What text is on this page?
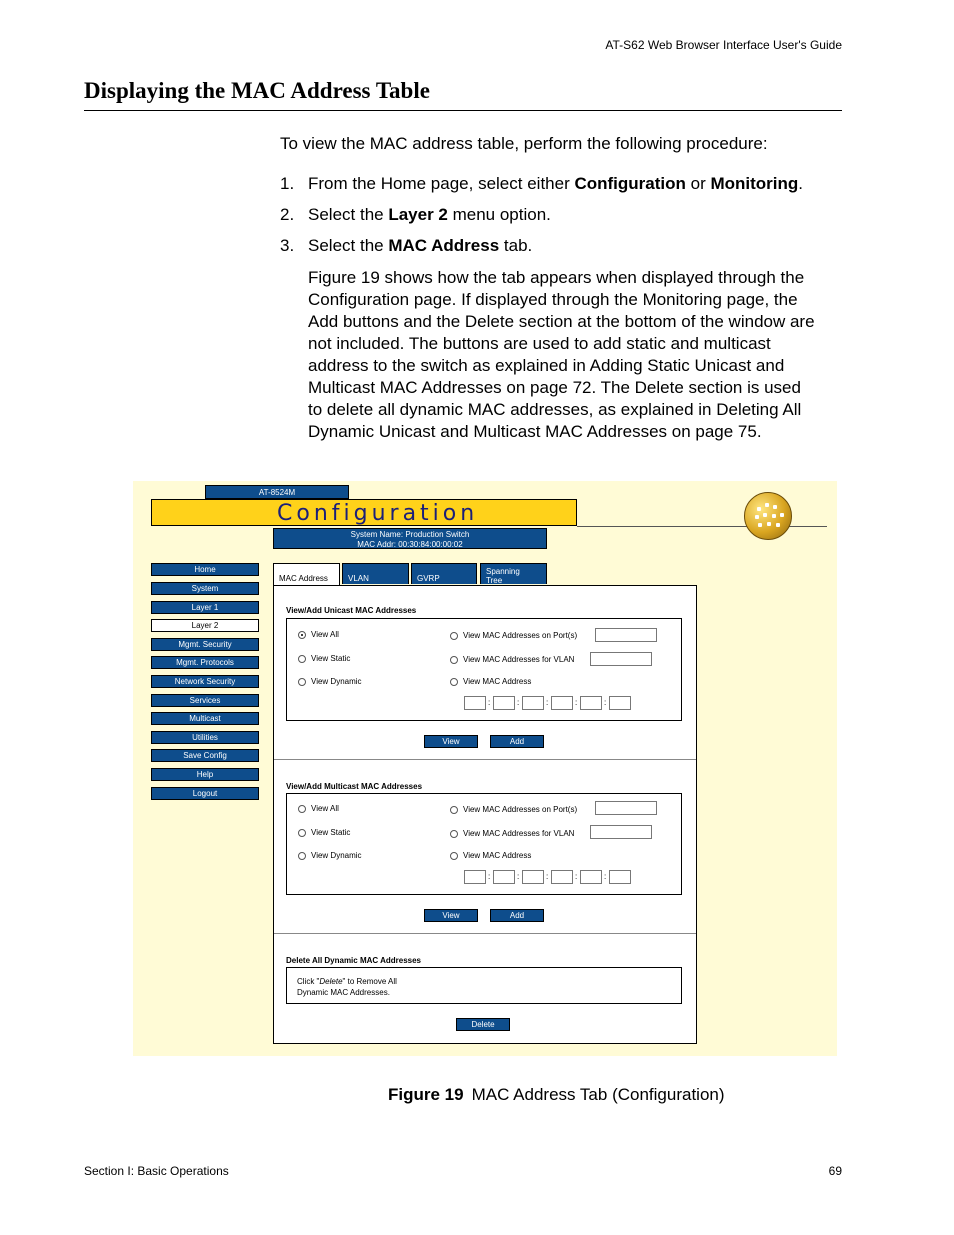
AT-S62 Web Browser Interface User's Guide
Displaying the MAC Address Table

To view the MAC address table, perform the following procedure:

1. From the Home page, select either Configuration or Monitoring.
2. Select the Layer 2 menu option.
3. Select the MAC Address tab.

Figure 19 shows how the tab appears when displayed through the Configuration page. If displayed through the Monitoring page, the Add buttons and the Delete section at the bottom of the window are not included. The buttons are used to add static and multicast address to the switch as explained in Adding Static Unicast and Multicast MAC Addresses on page 72. The Delete section is used to delete all dynamic MAC addresses, as explained in Deleting All Dynamic Unicast and Multicast MAC Addresses on page 75.

AT-8524M
Configuration
System Name: Production Switch
MAC Addr: 00:30:84:00:00:02
Home
System
Layer 1
Layer 2
Mgmt. Security
Mgmt. Protocols
Network Security
Services
Multicast
Utilities
Save Config
Help
Logout
MAC Address	VLAN	GVRP
Spanning
Tree
View/Add Unicast MAC Addresses
View All
View Static
View Dynamic
View MAC Addresses on Port(s)
View MAC Addresses for VLAN
View MAC Address
:	:	:	:	:
View	Add
View/Add Multicast MAC Addresses
View All
View Static
View Dynamic
View MAC Addresses on Port(s)
View MAC Addresses for VLAN
View MAC Address
:	:	:	:	:
View	Add
Delete All Dynamic MAC Addresses
Click "Delete" to Remove All
Dynamic MAC Addresses.
Delete
Figure 19 MAC Address Tab (Configuration)
Section I: Basic Operations	69
